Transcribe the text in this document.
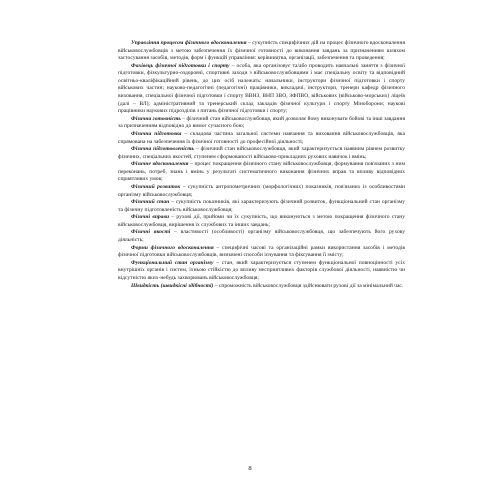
Управління процесом фізичного вдосконалення – сукупність специфічних дій на процес фізичного вдосконалення військовослужбовців з метою забезпечення їх фізичної готовності до виконання завдань за призначенням шляхом застосування засобів, методів, форм і функцій управління: керівництва, організації, забезпечення та проведення;

Фахівець фізичної підготовки і спорту – особа, яка організовує та/або проводить навчальні заняття з фізичної підготовки, фізкультурно-оздоровчі, спортивні заходи з військовослужбовцями і має спеціальну освіту та відповідний освітньо-кваліфікаційний рівень, до цих осіб належать: начальники, інструктори фізичної підготовки і спорту військових частин; науково-педагогічні (педагогічні) працівники, викладачі, інструктори, тренери кафедр фізичного виховання, спеціальної фізичної підготовки і спорту ВВНЗ, ВНП ЗВО, ЗФПВО, військових (військово-морських) ліцеїв (далі – ВЛ); адміністративний та тренерський склад закладів фізичної культури і спорту Міноборони; наукові працівники наукових підрозділів з питань фізичної підготовки і спорту;

Фізична готовність – фізичний стан військовослужбовця, який дозволяє йому виконувати бойові та інші завдання за призначенням відповідно до вимог сучасного бою;

Фізична підготовка – складова частина загальної системи навчання та виховання військовослужбовців, яка спрямована на забезпечення їх фізичної готовності до професійної діяльності;

Фізична підготовленість – фізичний стан військовослужбовця, який характеризується наявним рівнем розвитку фізичних, спеціальних якостей, ступенем сформованості військово-прикладних рухових навичок і вмінь;

Фізичне вдосконалення – процес покращення фізичного стану військовослужбовця, формування пов'язаних з ним переконань, потреб, знань і вмінь у результаті систематичного виконання фізичних вправ та впливу відповідних сприятливих умов;

Фізичний розвиток – сукупність антропометричних (морфологічних) показників, пов'язаних із особливостями організму військовослужбовця;

Фізичний стан – сукупність показників, які характеризують фізичний розвиток, функціональний стан організму та фізичну підготовленість військовослужбовця;

Фізичні вправи – рухові дії, прийоми чи їх сукупність, що виконуються з метою покращення фізичного стану військовослужбовця, вирішення їх службових та інших завдань;

Фізичні якості – властивості (особливості) організму військовослужбовця, що забезпечують його рухову діяльність;

Форми фізичного вдосконалення – специфічні часові та організаційні рамки використання засобів і методів фізичної підготовки військовослужбовців, визначені способи існування та фіксування її змісту;

Функціональний стан організму – стан, який характеризується ступенем функціональної повноцінності усіх внутрішніх органів і систем, їхньою стійкістю до впливу несприятливих факторів службової діяльності, наявністю чи відсутністю яких-небудь захворювань військовослужбовця;

Швидкість (швидкісні здібності) – спроможність військовослужбовця здійснювати рухові дії за мінімальний час.

8
